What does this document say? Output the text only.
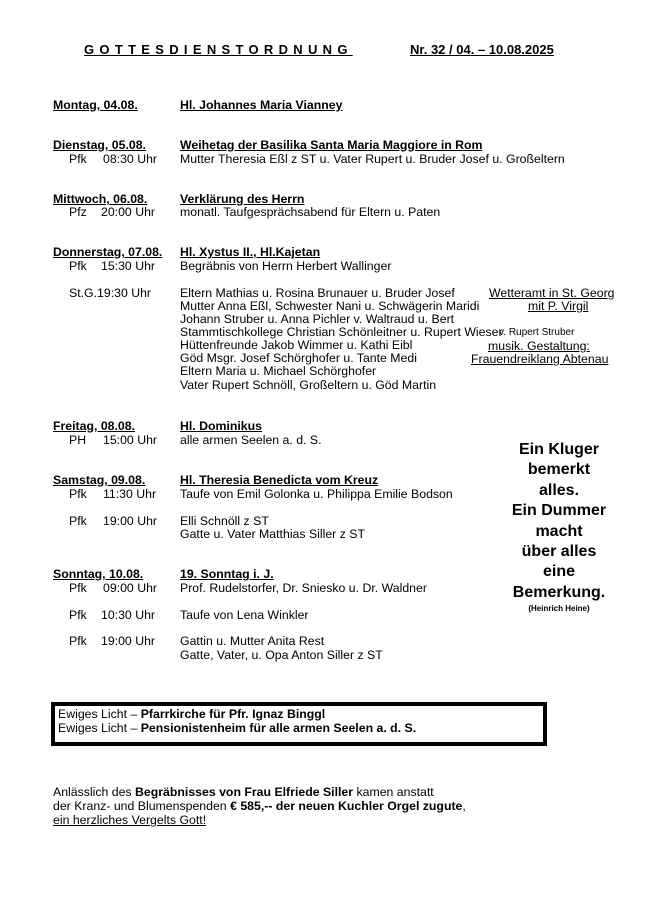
GOTTESDIENSTORDNUNG	Nr. 32 / 04. – 10.08.2025
Montag, 04.08.	Hl. Johannes Maria Vianney
Dienstag, 05.08.	Weihetag der Basilika Santa Maria Maggiore in Rom
Pfk 08:30 Uhr Mutter Theresia Eßl z ST u. Vater Rupert u. Bruder Josef u. Großeltern
Mittwoch, 06.08.	Verklärung des Herrn
Pfz 20:00 Uhr monatl. Taufgesprächsabend für Eltern u. Paten
Donnerstag, 07.08. Hl. Xystus II., Hl.Kajetan
Pfk 15:30 Uhr Begräbnis von Herrn Herbert Wallinger
St.G.19:30 Uhr Eltern Mathias u. Rosina Brunauer u. Bruder Josef
Mutter Anna Eßl, Schwester Nani u. Schwägerin Maridi
Johann Struber u. Anna Pichler v. Waltraud u. Bert
Stammtischkollege Christian Schönleitner u. Rupert Wieser
Hüttenfreunde Jakob Wimmer u. Kathi Eibl
Göd Msgr. Josef Schörghofer u. Tante Medi
Eltern Maria u. Michael Schörghofer
Vater Rupert Schnöll, Großeltern u. Göd Martin
Wetteramt in St. Georg
mit P. Virgil
v. Rupert Struber
musik. Gestaltung:
Frauendreiklang Abtenau
Freitag, 08.08.	Hl. Dominikus
PH 15:00 Uhr alle armen Seelen a. d. S.
Samstag, 09.08.	Hl. Theresia Benedicta vom Kreuz
Pfk 11:30 Uhr Taufe von Emil Golonka u. Philippa Emilie Bodson
Pfk 19:00 Uhr Elli Schnöll z ST
Gatte u. Vater Matthias Siller z ST
Sonntag, 10.08.	19. Sonntag i. J.
Pfk 09:00 Uhr Prof. Rudelstorfer, Dr. Sniesko u. Dr. Waldner
Pfk 10:30 Uhr Taufe von Lena Winkler
Pfk 19:00 Uhr Gattin u. Mutter Anita Rest
Gatte, Vater, u. Opa Anton Siller z ST
Ein Kluger
bemerkt
alles.
Ein Dummer
macht
über alles
eine
Bemerkung.
(Heinrich Heine)
Ewiges Licht – Pfarrkirche für Pfr. Ignaz Binggl
Ewiges Licht – Pensionistenheim für alle armen Seelen a. d. S.
Anlässlich des Begräbnisses von Frau Elfriede Siller kamen anstatt
der Kranz- und Blumenspenden € 585,-- der neuen Kuchler Orgel zugute,
ein herzliches Vergelts Gott!
